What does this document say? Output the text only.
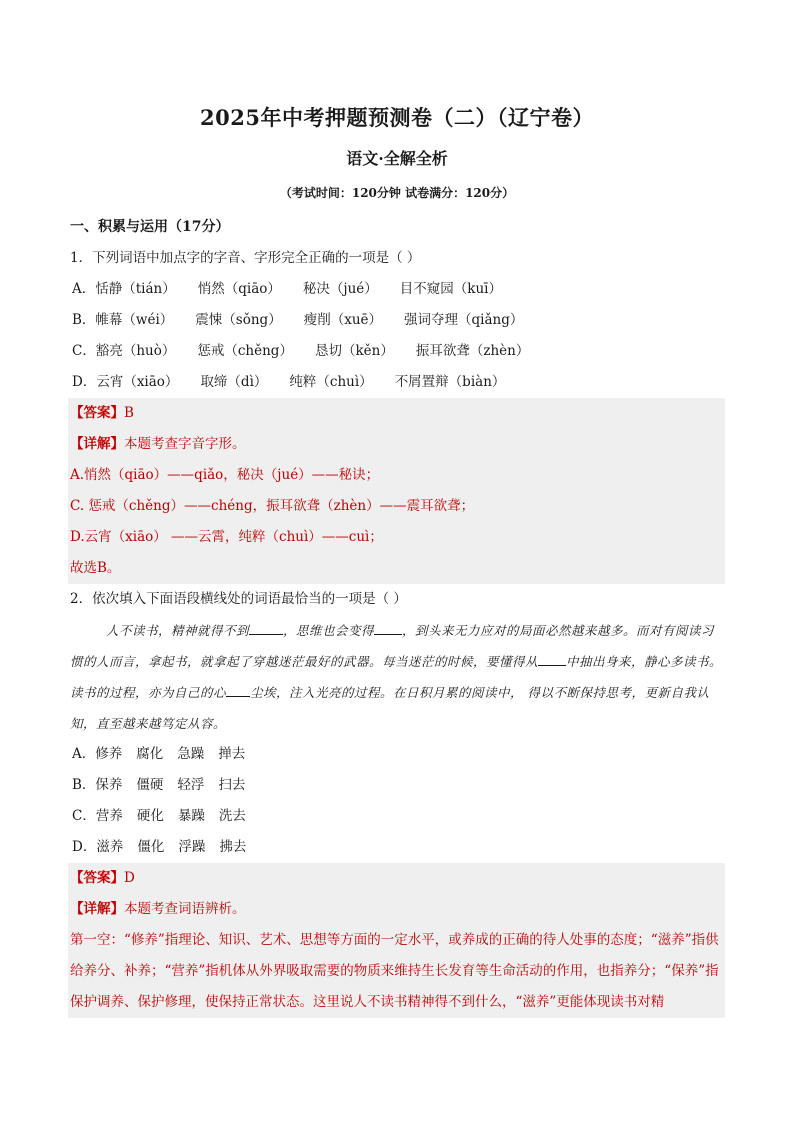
2025年中考押题预测卷（二）（辽宁卷）
语文·全解全析
（考试时间：120分钟 试卷满分：120分）
一、积累与运用（17分）
1．下列词语中加点字的字音、字形完全正确的一项是（ ）
A．恬静（tián） 悄然（qiāo） 秘决（jué） 目不窥园（kuī）
B．帷幕（wéi） 震悚（sǒng） 瘦削（xuē） 强词夺理（qiǎng）
C．豁亮（huò） 惩戒（chěng） 恳切（kěn） 振耳欲聋（zhèn）
D．云宵（xiāo） 取缔（dì） 纯粹（chuì） 不屑置辩（biàn）
【答案】B
【详解】本题考查字音字形。
A.悄然（qiāo）——qiǎo，秘决（jué）——秘诀；
C. 惩戒（chěng）——chéng，振耳欲聋（zhèn）——震耳欲聋；
D.云宵（xiāo） ——云霄，纯粹（chuì）——cuì；
故选B。
2．依次填入下面语段横线处的词语最恰当的一项是（ ）

人不读书，精神就得不到	，思维也会变得 ，到头来无力应对的局面必然越来越多。而对有阅读习惯的人而言，拿起书，就拿起了穿越迷茫最好的武器。每当迷茫的时候，要懂得从 中抽出身来，静心多读书。读书的过程，亦为自己的心 尘埃，注入光亮的过程。在日积月累的阅读中， 得以不断保持思考，更新自我认知，直至越来越笃定从容。

A．修养 腐化 急躁 掸去
B．保养 僵硬 轻浮 扫去
C．营养 硬化 暴躁 洗去
D．滋养 僵化 浮躁 拂去
【答案】D
【详解】本题考查词语辨析。
第一空：“修养”指理论、知识、艺术、思想等方面的一定水平，或养成的正确的待人处事的态度；“滋养”指供给养分、补养；“营养”指机体从外界吸取需要的物质来维持生长发育等生命活动的作用，也指养分；“保养”指保护调养、保护修理，使保持正常状态。这里说人不读书精神得不到什么，“滋养”更能体现读书对精
